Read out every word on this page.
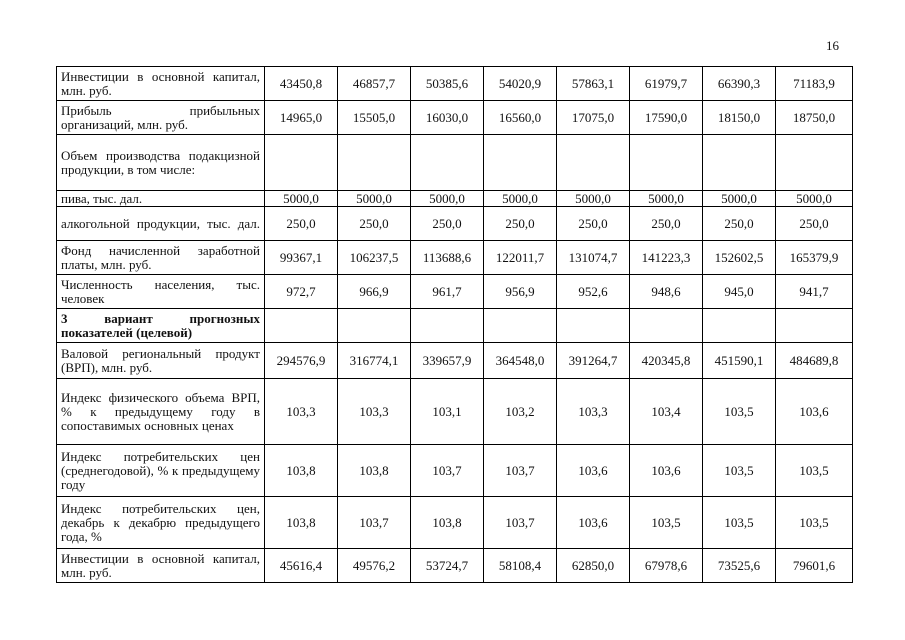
16
Инвестиции в основной капитал, млн. руб.	43450,8	46857,7	50385,6	54020,9	57863,1	61979,7	66390,3	71183,9
Прибыль прибыльных организаций, млн. руб.	14965,0	15505,0	16030,0	16560,0	17075,0	17590,0	18150,0	18750,0
Объем производства подакцизной продукции, в том числе:								
пива, тыс. дал.	5000,0	5000,0	5000,0	5000,0	5000,0	5000,0	5000,0	5000,0
алкогольной продукции, тыс. дал.	250,0	250,0	250,0	250,0	250,0	250,0	250,0	250,0
Фонд начисленной заработной платы, млн. руб.	99367,1	106237,5	113688,6	122011,7	131074,7	141223,3	152602,5	165379,9
Численность населения, тыс. человек	972,7	966,9	961,7	956,9	952,6	948,6	945,0	941,7
3 вариант прогнозных показателей (целевой)								
Валовой региональный продукт (ВРП), млн. руб.	294576,9	316774,1	339657,9	364548,0	391264,7	420345,8	451590,1	484689,8
Индекс физического объема ВРП, % к предыдущему году в сопоставимых основных ценах	103,3	103,3	103,1	103,2	103,3	103,4	103,5	103,6
Индекс потребительских цен (среднегодовой), % к предыдущему году	103,8	103,8	103,7	103,7	103,6	103,6	103,5	103,5
Индекс потребительских цен, декабрь к декабрю предыдущего года, %	103,8	103,7	103,8	103,7	103,6	103,5	103,5	103,5
Инвестиции в основной капитал, млн. руб.	45616,4	49576,2	53724,7	58108,4	62850,0	67978,6	73525,6	79601,6
